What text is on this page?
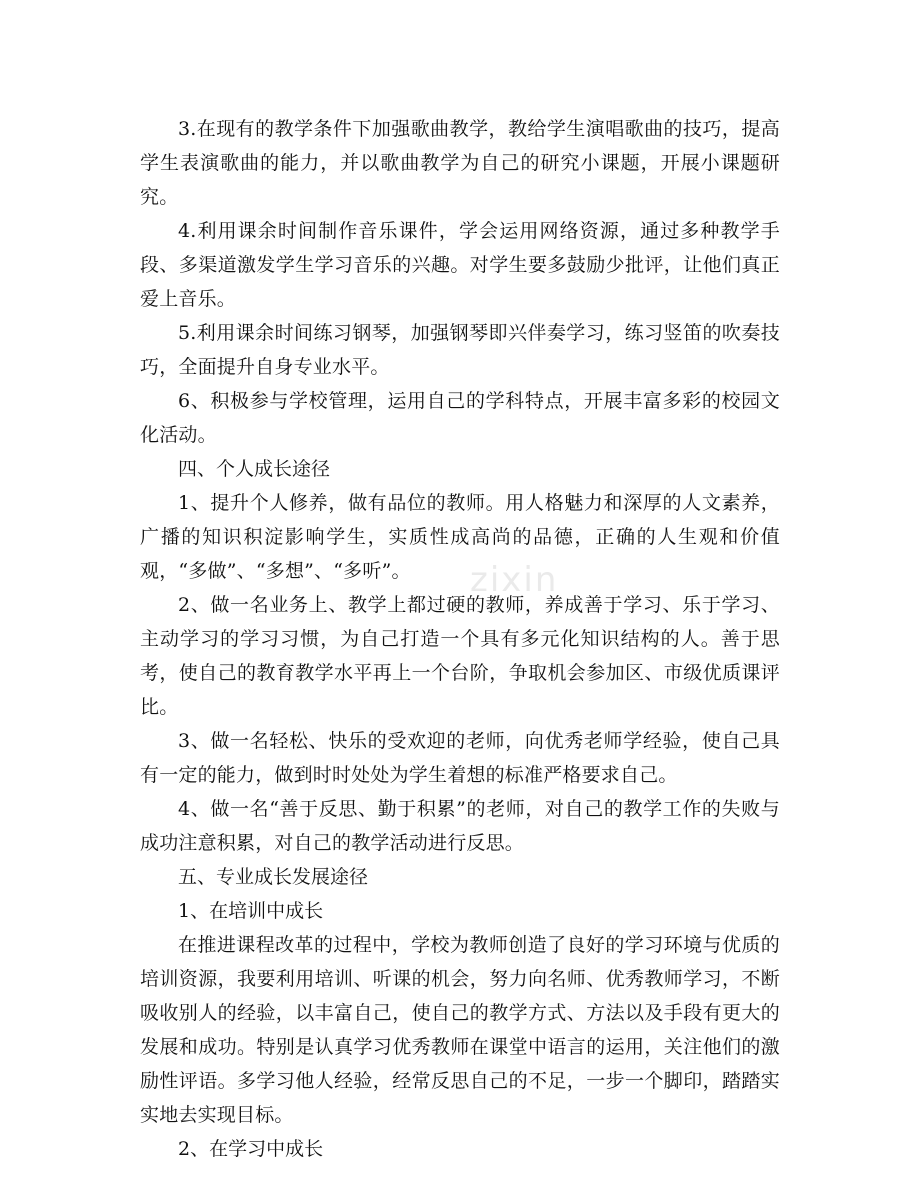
zixin

3.在现有的教学条件下加强歌曲教学，教给学生演唱歌曲的技巧，提高学生表演歌曲的能力，并以歌曲教学为自己的研究小课题，开展小课题研究。

4.利用课余时间制作音乐课件，学会运用网络资源，通过多种教学手段、多渠道激发学生学习音乐的兴趣。对学生要多鼓励少批评，让他们真正爱上音乐。

5.利用课余时间练习钢琴，加强钢琴即兴伴奏学习，练习竖笛的吹奏技巧，全面提升自身专业水平。

6、积极参与学校管理，运用自己的学科特点，开展丰富多彩的校园文化活动。

四、个人成长途径

1、提升个人修养，做有品位的教师。用人格魅力和深厚的人文素养，广播的知识积淀影响学生，实质性成高尚的品德，正确的人生观和价值观，“多做”、“多想”、“多听”。

2、做一名业务上、教学上都过硬的教师，养成善于学习、乐于学习、主动学习的学习习惯，为自己打造一个具有多元化知识结构的人。善于思考，使自己的教育教学水平再上一个台阶，争取机会参加区、市级优质课评比。

3、做一名轻松、快乐的受欢迎的老师，向优秀老师学经验，使自己具有一定的能力，做到时时处处为学生着想的标准严格要求自己。

4、做一名“善于反思、勤于积累”的老师，对自己的教学工作的失败与成功注意积累，对自己的教学活动进行反思。

五、专业成长发展途径

1、在培训中成长

在推进课程改革的过程中，学校为教师创造了良好的学习环境与优质的培训资源，我要利用培训、听课的机会，努力向名师、优秀教师学习，不断吸收别人的经验，以丰富自己，使自己的教学方式、方法以及手段有更大的发展和成功。特别是认真学习优秀教师在课堂中语言的运用，关注他们的激励性评语。多学习他人经验，经常反思自己的不足，一步一个脚印，踏踏实实地去实现目标。

2、在学习中成长
